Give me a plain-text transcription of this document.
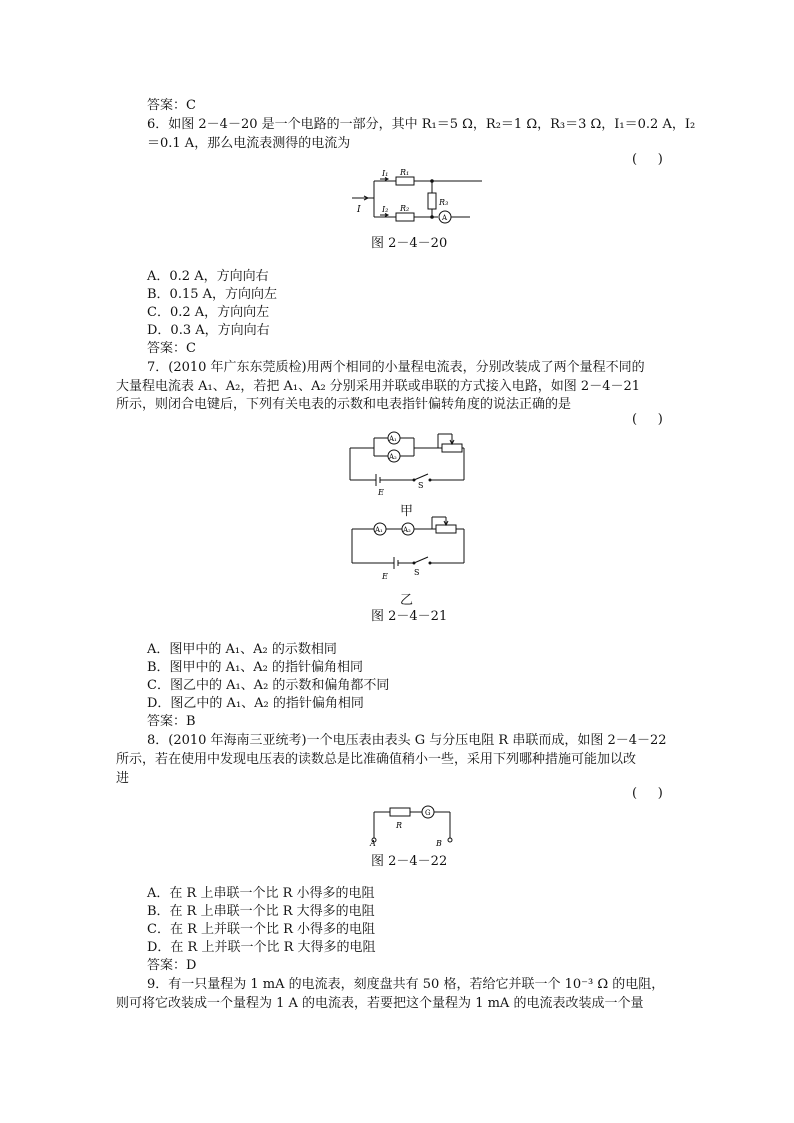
答案：C
6．如图 2－4－20 是一个电路的一部分，其中 R₁＝5 Ω，R₂＝1 Ω，R₃＝3 Ω，I₁＝0.2 A，I₂
＝0.1 A，那么电流表测得的电流为
(     )
I₁
I₂
I
R₁
R₂
R₃
A
图 2－4－20
A．0.2 A，方向向右
B．0.15 A，方向向左
C．0.2 A，方向向左
D．0.3 A，方向向右
答案：C
7．(2010 年广东东莞质检)用两个相同的小量程电流表，分别改装成了两个量程不同的
大量程电流表 A₁、A₂，若把 A₁、A₂ 分别采用并联或串联的方式接入电路，如图 2－4－21
所示，则闭合电键后，下列有关电表的示数和电表指针偏转角度的说法正确的是
(     )
A₁
A₂
E
S
甲
A₁	A₂
E	S
乙
图 2－4－21
A．图甲中的 A₁、A₂ 的示数相同
B．图甲中的 A₁、A₂ 的指针偏角相同
C．图乙中的 A₁、A₂ 的示数和偏角都不同
D．图乙中的 A₁、A₂ 的指针偏角相同
答案：B
8．(2010 年海南三亚统考)一个电压表由表头 G 与分压电阻 R 串联而成，如图 2－4－22
所示，若在使用中发现电压表的读数总是比准确值稍小一些，采用下列哪种措施可能加以改
进
(     )
R
G
A	B
图 2－4－22
A．在 R 上串联一个比 R 小得多的电阻
B．在 R 上串联一个比 R 大得多的电阻
C．在 R 上并联一个比 R 小得多的电阻
D．在 R 上并联一个比 R 大得多的电阻
答案：D
9．有一只量程为 1 mA 的电流表，刻度盘共有 50 格，若给它并联一个 10⁻³ Ω 的电阻，
则可将它改装成一个量程为 1 A 的电流表，若要把这个量程为 1 mA 的电流表改装成一个量
